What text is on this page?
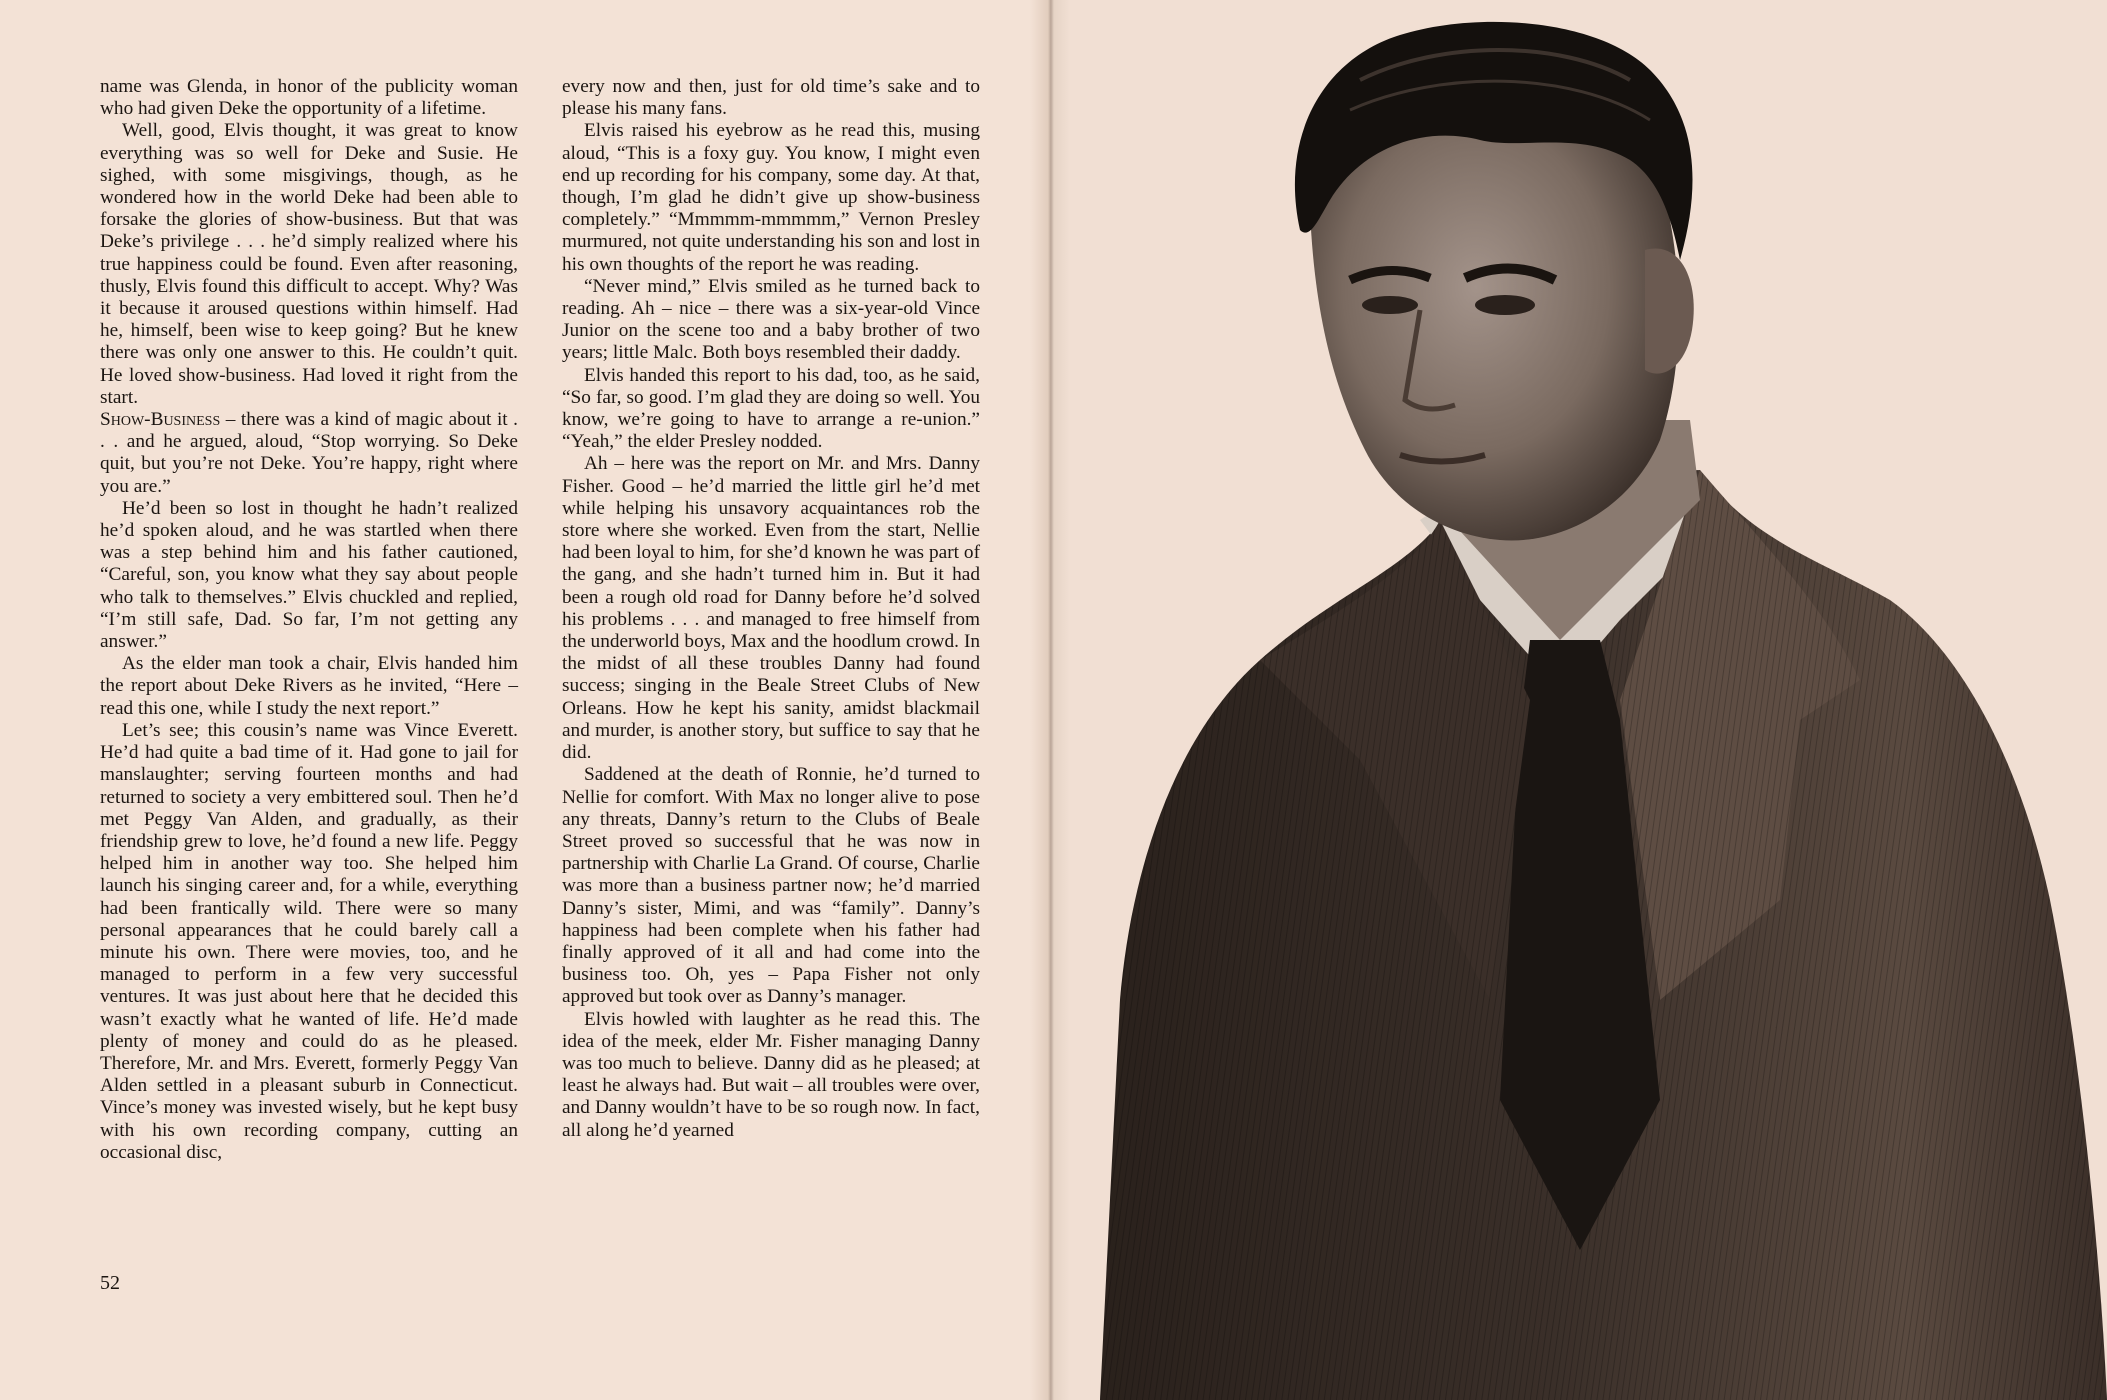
name was Glenda, in honor of the publicity woman who had given Deke the opportunity of a lifetime.

Well, good, Elvis thought, it was great to know everything was so well for Deke and Susie. He sighed, with some misgivings, though, as he wondered how in the world Deke had been able to forsake the glories of show-business. But that was Deke’s privilege . . . he’d simply realized where his true happiness could be found. Even after reasoning, thusly, Elvis found this difficult to accept. Why? Was it because it aroused questions within himself. Had he, himself, been wise to keep going? But he knew there was only one answer to this. He couldn’t quit. He loved show-business. Had loved it right from the start.

Show-Business – there was a kind of magic about it . . . and he argued, aloud, “Stop worrying. So Deke quit, but you’re not Deke. You’re happy, right where you are.”

He’d been so lost in thought he hadn’t realized he’d spoken aloud, and he was startled when there was a step behind him and his father cautioned, “Careful, son, you know what they say about people who talk to themselves.” Elvis chuckled and replied, “I’m still safe, Dad. So far, I’m not getting any answer.”

As the elder man took a chair, Elvis handed him the report about Deke Rivers as he invited, “Here – read this one, while I study the next report.”

Let’s see; this cousin’s name was Vince Everett. He’d had quite a bad time of it. Had gone to jail for manslaughter; serving fourteen months and had returned to society a very embittered soul. Then he’d met Peggy Van Alden, and gradually, as their friendship grew to love, he’d found a new life. Peggy helped him in another way too. She helped him launch his singing career and, for a while, everything had been frantically wild. There were so many personal appearances that he could barely call a minute his own. There were movies, too, and he managed to perform in a few very successful ventures. It was just about here that he decided this wasn’t exactly what he wanted of life. He’d made plenty of money and could do as he pleased. Therefore, Mr. and Mrs. Everett, formerly Peggy Van Alden settled in a pleasant suburb in Connecticut. Vince’s money was invested wisely, but he kept busy with his own recording company, cutting an occasional disc,

every now and then, just for old time’s sake and to please his many fans.

Elvis raised his eyebrow as he read this, musing aloud, “This is a foxy guy. You know, I might even end up recording for his company, some day. At that, though, I’m glad he didn’t give up show-business completely.” “Mmmmm-mmmmm,” Vernon Presley murmured, not quite understanding his son and lost in his own thoughts of the report he was reading.

“Never mind,” Elvis smiled as he turned back to reading. Ah – nice – there was a six-year-old Vince Junior on the scene too and a baby brother of two years; little Malc. Both boys resembled their daddy.

Elvis handed this report to his dad, too, as he said, “So far, so good. I’m glad they are doing so well. You know, we’re going to have to arrange a re-union.” “Yeah,” the elder Presley nodded.

Ah – here was the report on Mr. and Mrs. Danny Fisher. Good – he’d married the little girl he’d met while helping his unsavory acquaintances rob the store where she worked. Even from the start, Nellie had been loyal to him, for she’d known he was part of the gang, and she hadn’t turned him in. But it had been a rough old road for Danny before he’d solved his problems . . . and managed to free himself from the underworld boys, Max and the hoodlum crowd. In the midst of all these troubles Danny had found success; singing in the Beale Street Clubs of New Orleans. How he kept his sanity, amidst blackmail and murder, is another story, but suffice to say that he did.

Saddened at the death of Ronnie, he’d turned to Nellie for comfort. With Max no longer alive to pose any threats, Danny’s return to the Clubs of Beale Street proved so successful that he was now in partnership with Charlie La Grand. Of course, Charlie was more than a business partner now; he’d married Danny’s sister, Mimi, and was “family”. Danny’s happiness had been complete when his father had finally approved of it all and had come into the business too. Oh, yes – Papa Fisher not only approved but took over as Danny’s manager.

Elvis howled with laughter as he read this. The idea of the meek, elder Mr. Fisher managing Danny was too much to believe. Danny did as he pleased; at least he always had. But wait – all troubles were over, and Danny wouldn’t have to be so rough now. In fact, all along he’d yearned

52
